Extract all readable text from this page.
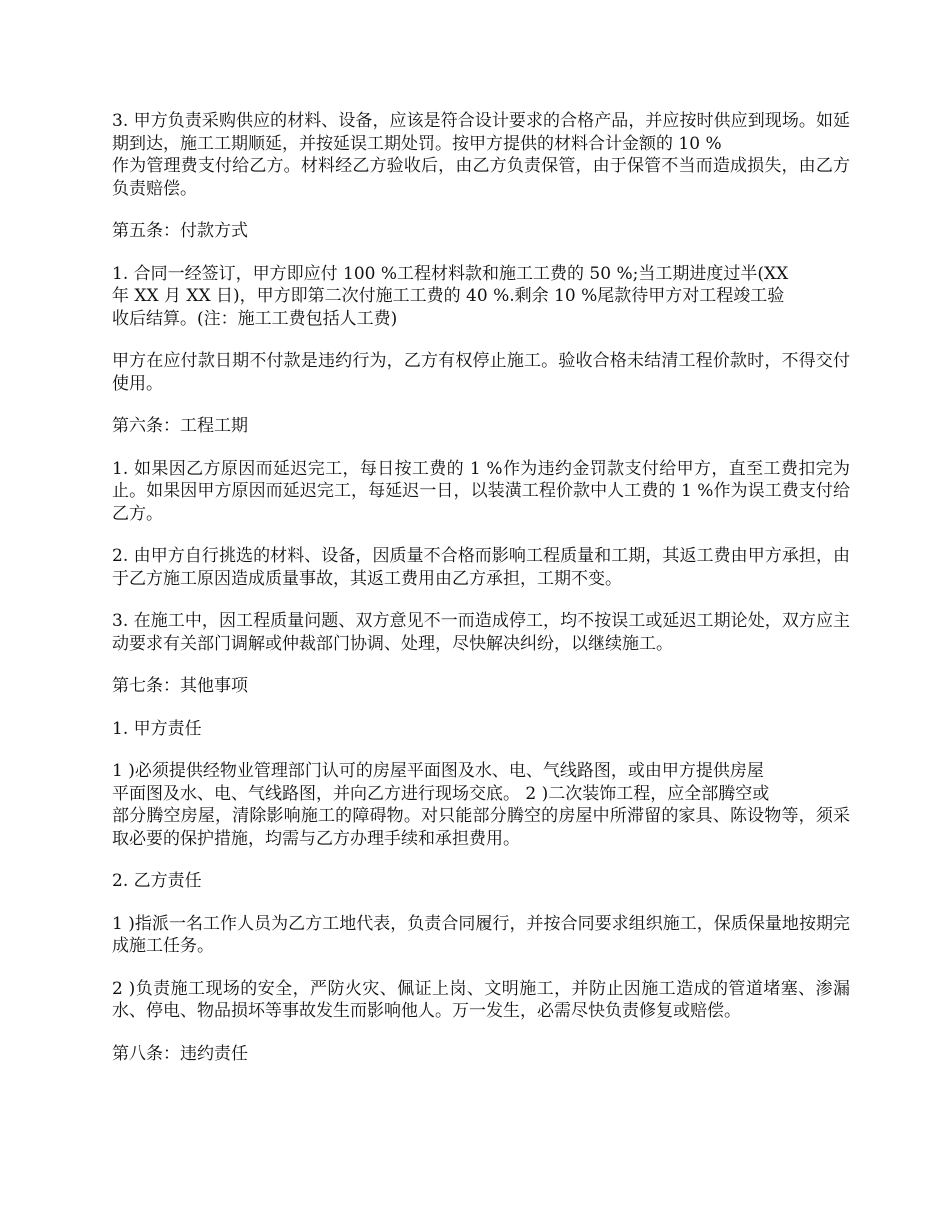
3. 甲方负责采购供应的材料、设备，应该是符合设计要求的合格产品，并应按时供应到现场。如延期到达，施工工期顺延，并按延误工期处罚。按甲方提供的材料合计金额的 10 %
作为管理费支付给乙方。材料经乙方验收后，由乙方负责保管，由于保管不当而造成损失，由乙方负责赔偿。

第五条：付款方式

1. 合同一经签订，甲方即应付 100 %工程材料款和施工工费的 50 %;当工期进度过半(XX
年 XX 月 XX 日)，甲方即第二次付施工工费的 40 %.剩余 10 %尾款待甲方对工程竣工验
收后结算。(注：施工工费包括人工费)

甲方在应付款日期不付款是违约行为，乙方有权停止施工。验收合格未结清工程价款时，不得交付使用。

第六条：工程工期

1. 如果因乙方原因而延迟完工，每日按工费的 1 %作为违约金罚款支付给甲方，直至工费扣完为止。如果因甲方原因而延迟完工，每延迟一日，以装潢工程价款中人工费的 1 %作为误工费支付给乙方。

2. 由甲方自行挑选的材料、设备，因质量不合格而影响工程质量和工期，其返工费由甲方承担，由于乙方施工原因造成质量事故，其返工费用由乙方承担，工期不变。

3. 在施工中，因工程质量问题、双方意见不一而造成停工，均不按误工或延迟工期论处，双方应主动要求有关部门调解或仲裁部门协调、处理，尽快解决纠纷，以继续施工。

第七条：其他事项

1. 甲方责任

1 )必须提供经物业管理部门认可的房屋平面图及水、电、气线路图，或由甲方提供房屋
平面图及水、电、气线路图，并向乙方进行现场交底。 2 )二次装饰工程，应全部腾空或
部分腾空房屋，清除影响施工的障碍物。对只能部分腾空的房屋中所滞留的家具、陈设物等，须采取必要的保护措施，均需与乙方办理手续和承担费用。

2. 乙方责任

1 )指派一名工作人员为乙方工地代表，负责合同履行，并按合同要求组织施工，保质保量地按期完成施工任务。

2 )负责施工现场的安全，严防火灾、佩证上岗、文明施工，并防止因施工造成的管道堵塞、渗漏水、停电、物品损坏等事故发生而影响他人。万一发生，必需尽快负责修复或赔偿。

第八条：违约责任
